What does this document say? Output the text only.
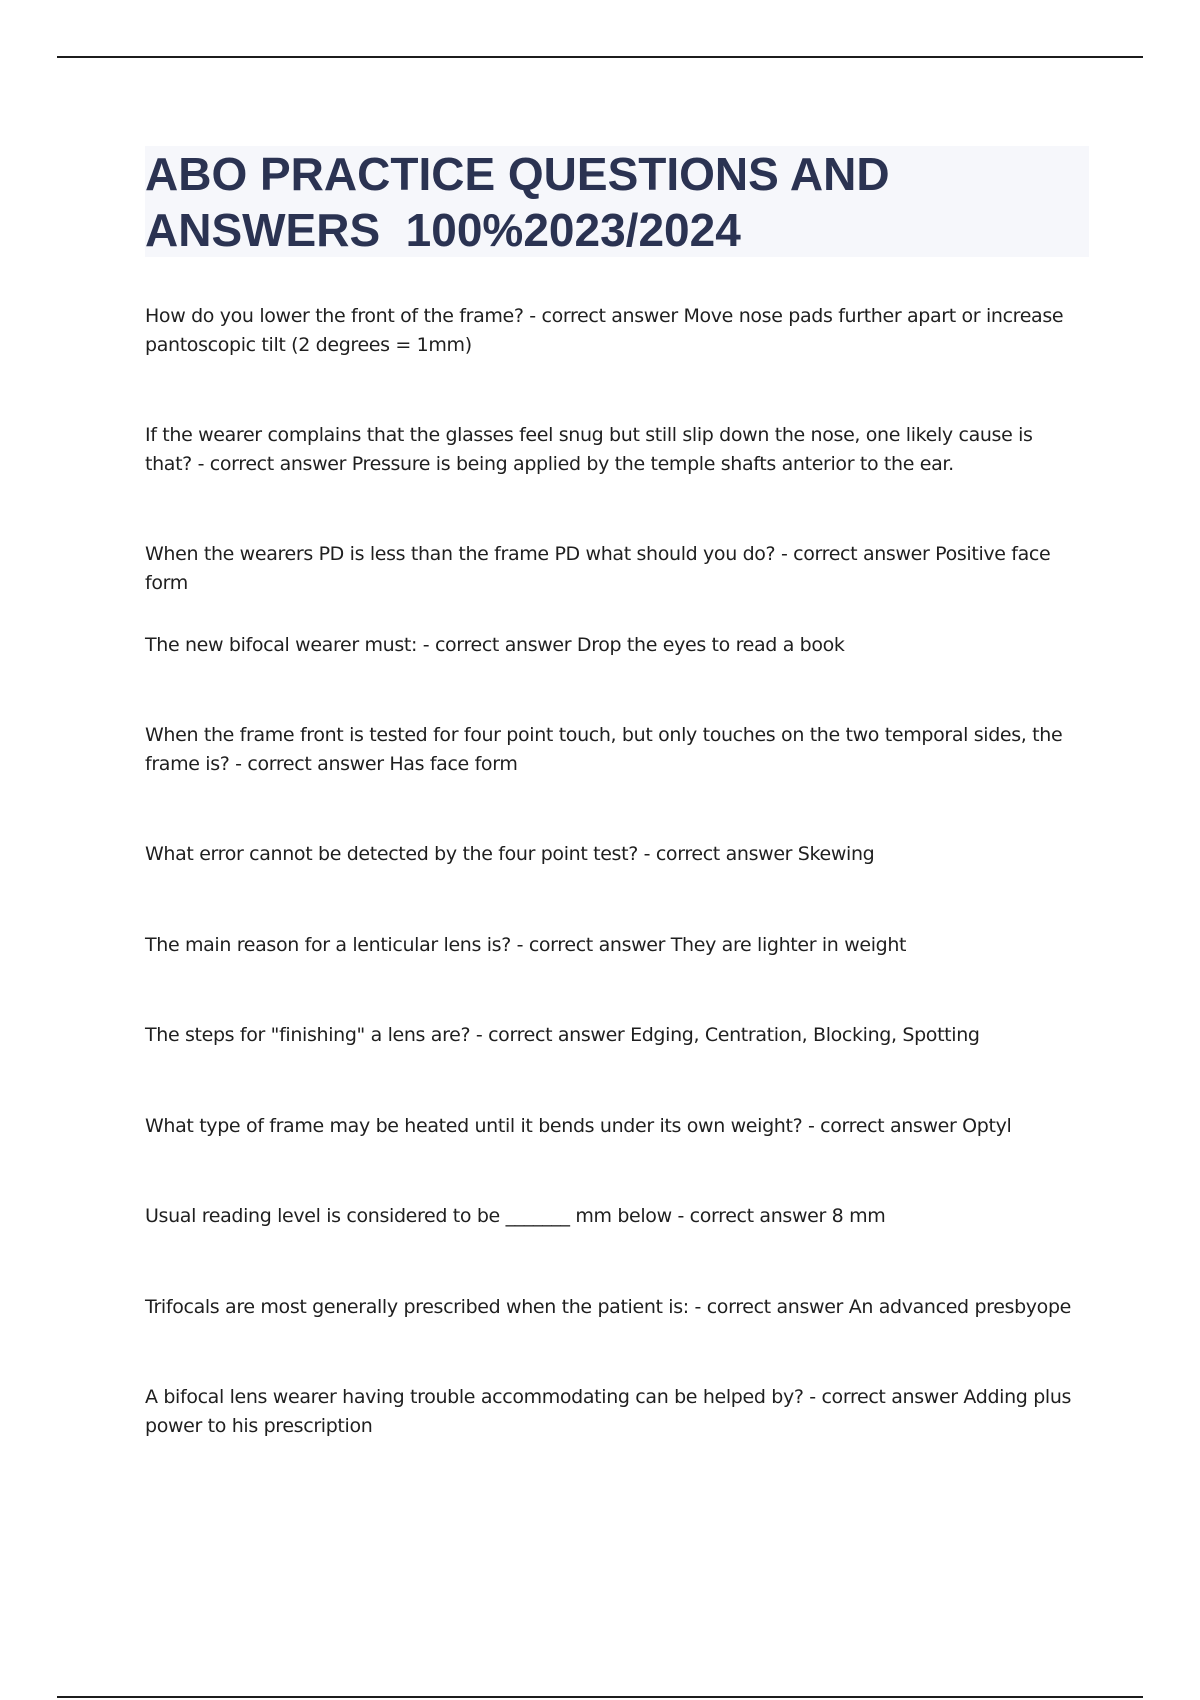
ABO PRACTICE QUESTIONS AND
ANSWERS  100%2023/2024
How do you lower the front of the frame? - correct answer Move nose pads further apart or increase pantoscopic tilt (2 degrees = 1mm)
If the wearer complains that the glasses feel snug but still slip down the nose, one likely cause is that? - correct answer Pressure is being applied by the temple shafts anterior to the ear.
When the wearers PD is less than the frame PD what should you do? - correct answer Positive face form
The new bifocal wearer must: - correct answer Drop the eyes to read a book
When the frame front is tested for four point touch, but only touches on the two temporal sides, the frame is? - correct answer Has face form
What error cannot be detected by the four point test? - correct answer Skewing
The main reason for a lenticular lens is? - correct answer They are lighter in weight
The steps for "finishing" a lens are? - correct answer Edging, Centration, Blocking, Spotting
What type of frame may be heated until it bends under its own weight? - correct answer Optyl
Usual reading level is considered to be _______ mm below - correct answer 8 mm
Trifocals are most generally prescribed when the patient is: - correct answer An advanced presbyope
A bifocal lens wearer having trouble accommodating can be helped by? - correct answer Adding plus power to his prescription
